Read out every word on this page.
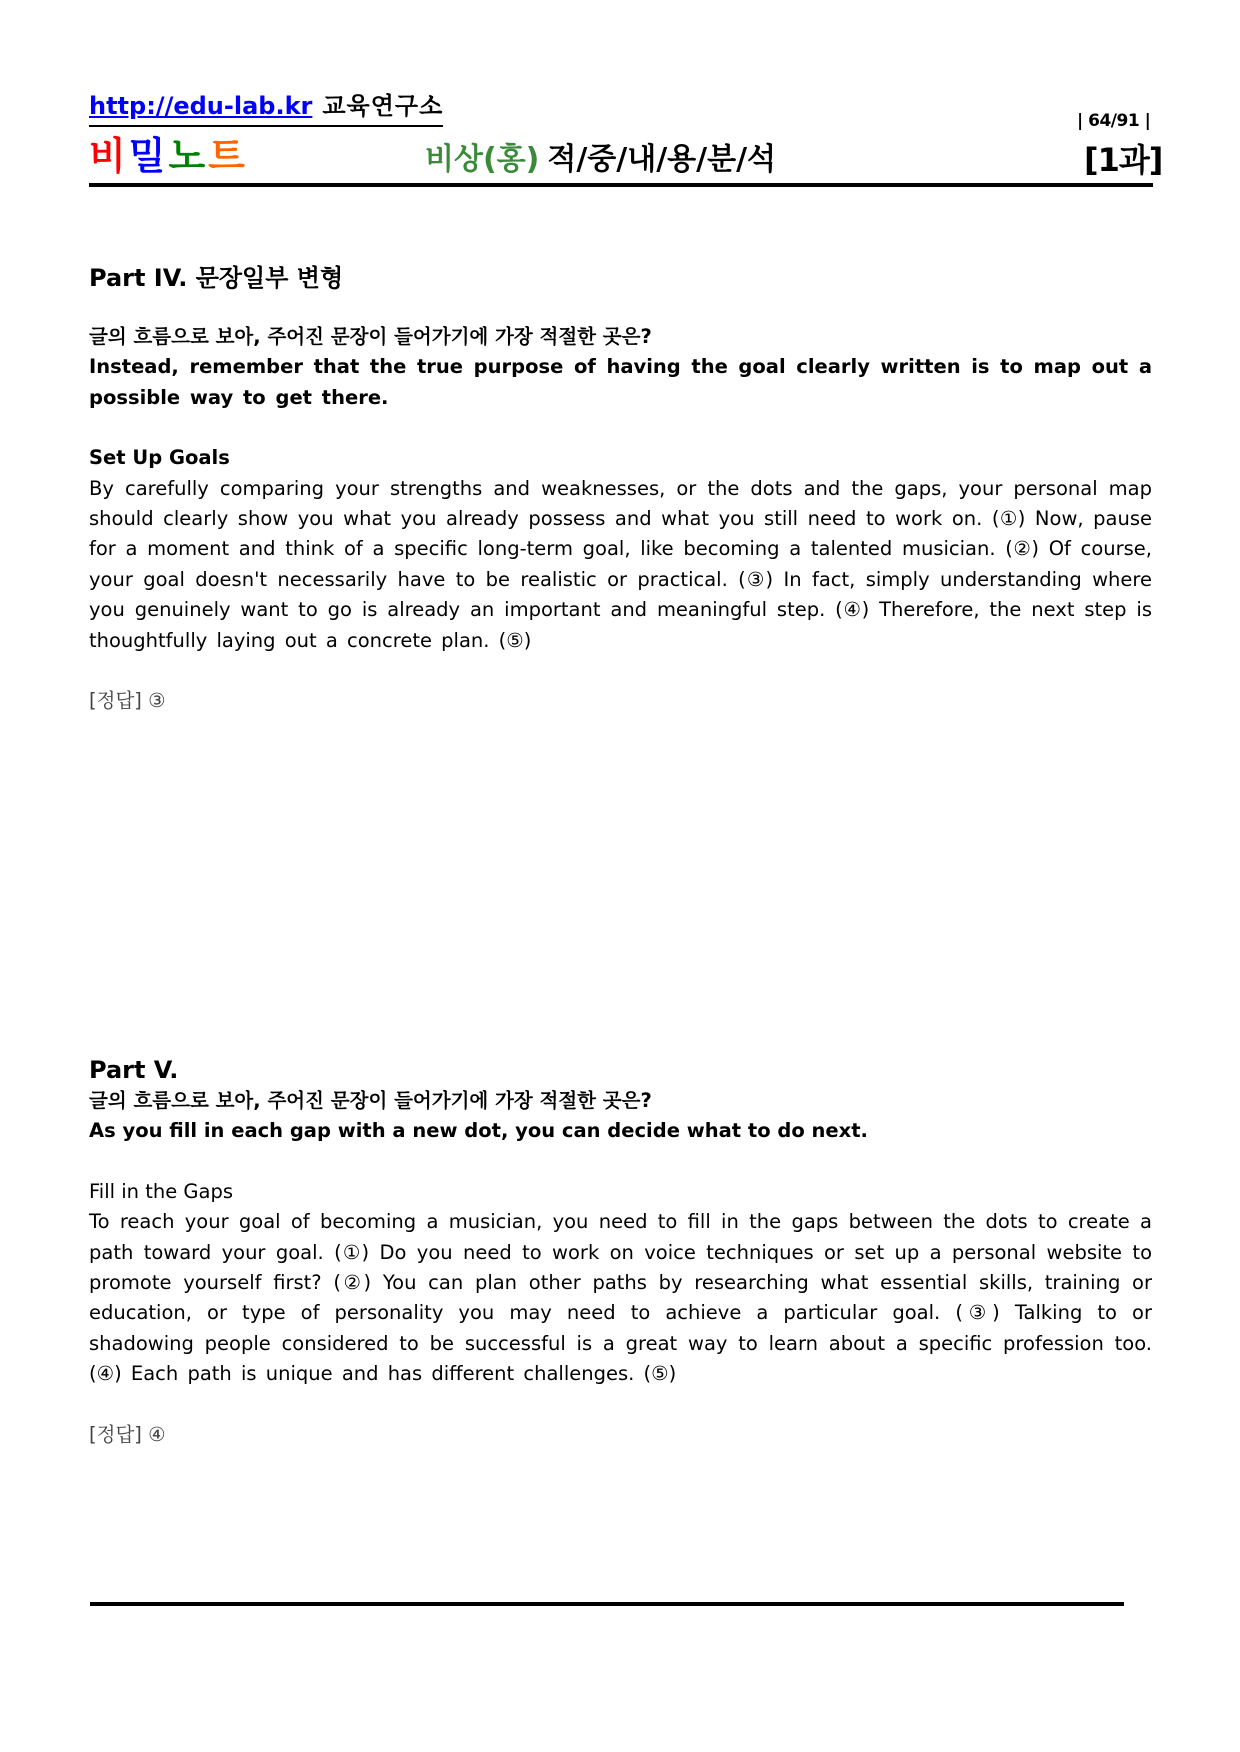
http://edu-lab.kr 교육연구소
비밀노트	비상(홍) 적/중/내/용/분/석
| 64/91 |
[1과]
Part IV. 문장일부 변형
글의 흐름으로 보아, 주어진 문장이 들어가기에 가장 적절한 곳은?
Instead, remember that the true purpose of having the goal clearly written is to map out a possible way to get there.
Set Up Goals
By carefully comparing your strengths and weaknesses, or the dots and the gaps, your personal map should clearly show you what you already possess and what you still need to work on. (①) Now, pause for a moment and think of a specific long-term goal, like becoming a talented musician. (②) Of course, your goal doesn't necessarily have to be realistic or practical. (③) In fact, simply understanding where you genuinely want to go is already an important and meaningful step. (④) Therefore, the next step is thoughtfully laying out a concrete plan. (⑤)
[정답] ③
Part V.
글의 흐름으로 보아, 주어진 문장이 들어가기에 가장 적절한 곳은?
As you fill in each gap with a new dot, you can decide what to do next.
Fill in the Gaps
To reach your goal of becoming a musician, you need to fill in the gaps between the dots to create a path toward your goal. (①) Do you need to work on voice techniques or set up a personal website to promote yourself first? (②) You can plan other paths by researching what essential skills, training or education, or type of personality you may need to achieve a particular goal. (③) Talking to or shadowing people considered to be successful is a great way to learn about a specific profession too. (④) Each path is unique and has different challenges. (⑤)
[정답] ④
